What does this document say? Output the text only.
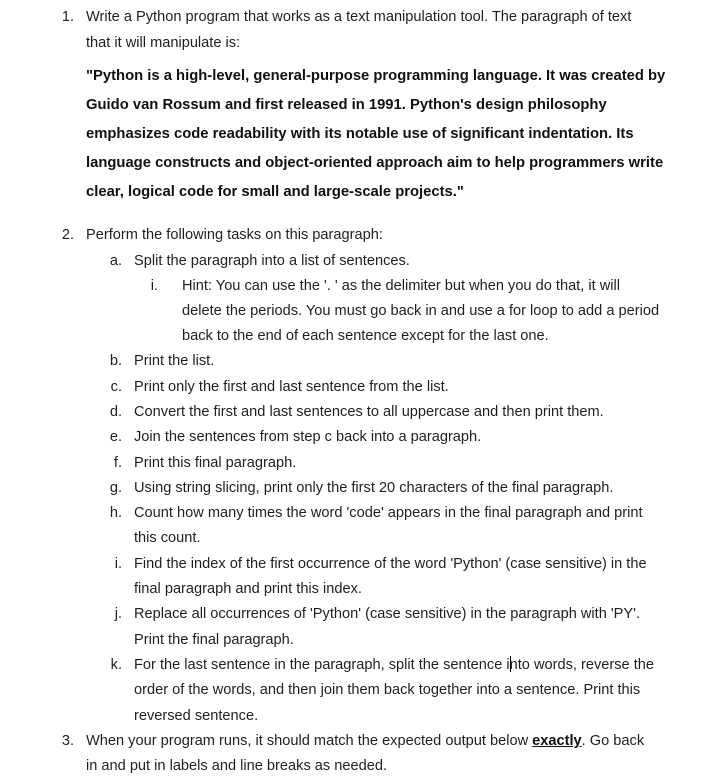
1. Write a Python program that works as a text manipulation tool. The paragraph of text
that it will manipulate is:
"Python is a high-level, general-purpose programming language. It was created by
Guido van Rossum and first released in 1991. Python's design philosophy
emphasizes code readability with its notable use of significant indentation. Its
language constructs and object-oriented approach aim to help programmers write
clear, logical code for small and large-scale projects."
2. Perform the following tasks on this paragraph:
a. Split the paragraph into a list of sentences.
i. Hint: You can use the '. ' as the delimiter but when you do that, it will
delete the periods. You must go back in and use a for loop to add a period
back to the end of each sentence except for the last one.
b. Print the list.
c. Print only the first and last sentence from the list.
d. Convert the first and last sentences to all uppercase and then print them.
e. Join the sentences from step c back into a paragraph.
f. Print this final paragraph.
g. Using string slicing, print only the first 20 characters of the final paragraph.
h. Count how many times the word 'code' appears in the final paragraph and print
this count.
i. Find the index of the first occurrence of the word 'Python' (case sensitive) in the
final paragraph and print this index.
j. Replace all occurrences of 'Python' (case sensitive) in the paragraph with 'PY'.
Print the final paragraph.
k. For the last sentence in the paragraph, split the sentence into words, reverse the
order of the words, and then join them back together into a sentence. Print this
reversed sentence.
3. When your program runs, it should match the expected output below exactly. Go back
in and put in labels and line breaks as needed.
